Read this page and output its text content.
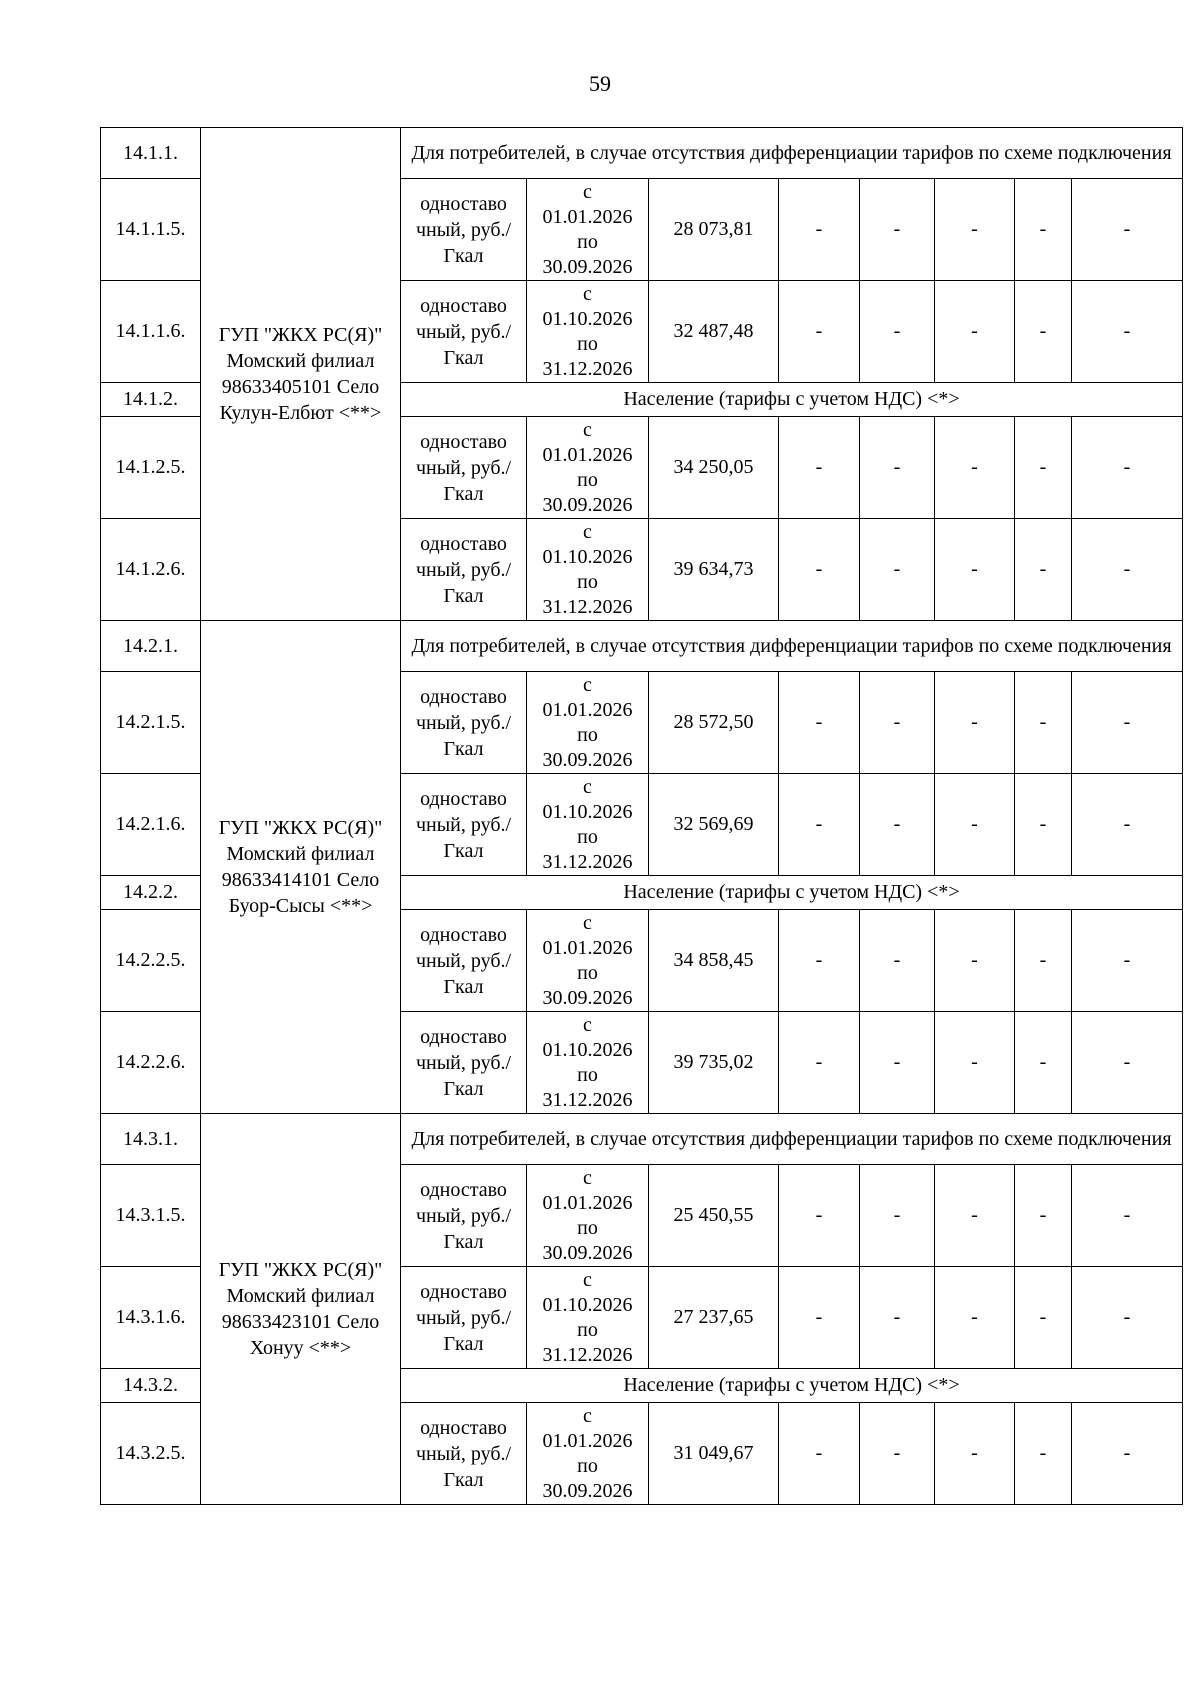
59
14.1.1.	ГУП "ЖКХ РС(Я)" Момский филиал 98633405101 Село Кулун-Елбют <**>	Для потребителей, в случае отсутствия дифференциации тарифов по схеме подключения							
14.1.1.5.		одноставо чный, руб./Гкал	с
01.01.2026
по
30.09.2026	28 073,81	-	-	-	-	-
14.1.1.6.		одноставо чный, руб./Гкал	с
01.10.2026
по
31.12.2026	32 487,48	-	-	-	-	-
14.1.2.		Население (тарифы с учетом НДС) <*>							
14.1.2.5.		одноставо чный, руб./Гкал	с
01.01.2026
по
30.09.2026	34 250,05	-	-	-	-	-
14.1.2.6.		одноставо чный, руб./Гкал	с
01.10.2026
по
31.12.2026	39 634,73	-	-	-	-	-
14.2.1.	ГУП "ЖКХ РС(Я)" Момский филиал 98633414101 Село Буор-Сысы <**>	Для потребителей, в случае отсутствия дифференциации тарифов по схеме подключения							
14.2.1.5.		одноставо чный, руб./Гкал	с
01.01.2026
по
30.09.2026	28 572,50	-	-	-	-	-
14.2.1.6.		одноставо чный, руб./Гкал	с
01.10.2026
по
31.12.2026	32 569,69	-	-	-	-	-
14.2.2.		Население (тарифы с учетом НДС) <*>							
14.2.2.5.		одноставо чный, руб./Гкал	с
01.01.2026
по
30.09.2026	34 858,45	-	-	-	-	-
14.2.2.6.		одноставо чный, руб./Гкал	с
01.10.2026
по
31.12.2026	39 735,02	-	-	-	-	-
14.3.1.	ГУП "ЖКХ РС(Я)" Момский филиал 98633423101 Село Хонуу <**>	Для потребителей, в случае отсутствия дифференциации тарифов по схеме подключения							
14.3.1.5.		одноставо чный, руб./Гкал	с
01.01.2026
по
30.09.2026	25 450,55	-	-	-	-	-
14.3.1.6.		одноставо чный, руб./Гкал	с
01.10.2026
по
31.12.2026	27 237,65	-	-	-	-	-
14.3.2.		Население (тарифы с учетом НДС) <*>							
14.3.2.5.		одноставо чный, руб./Гкал	с
01.01.2026
по
30.09.2026	31 049,67	-	-	-	-	-
